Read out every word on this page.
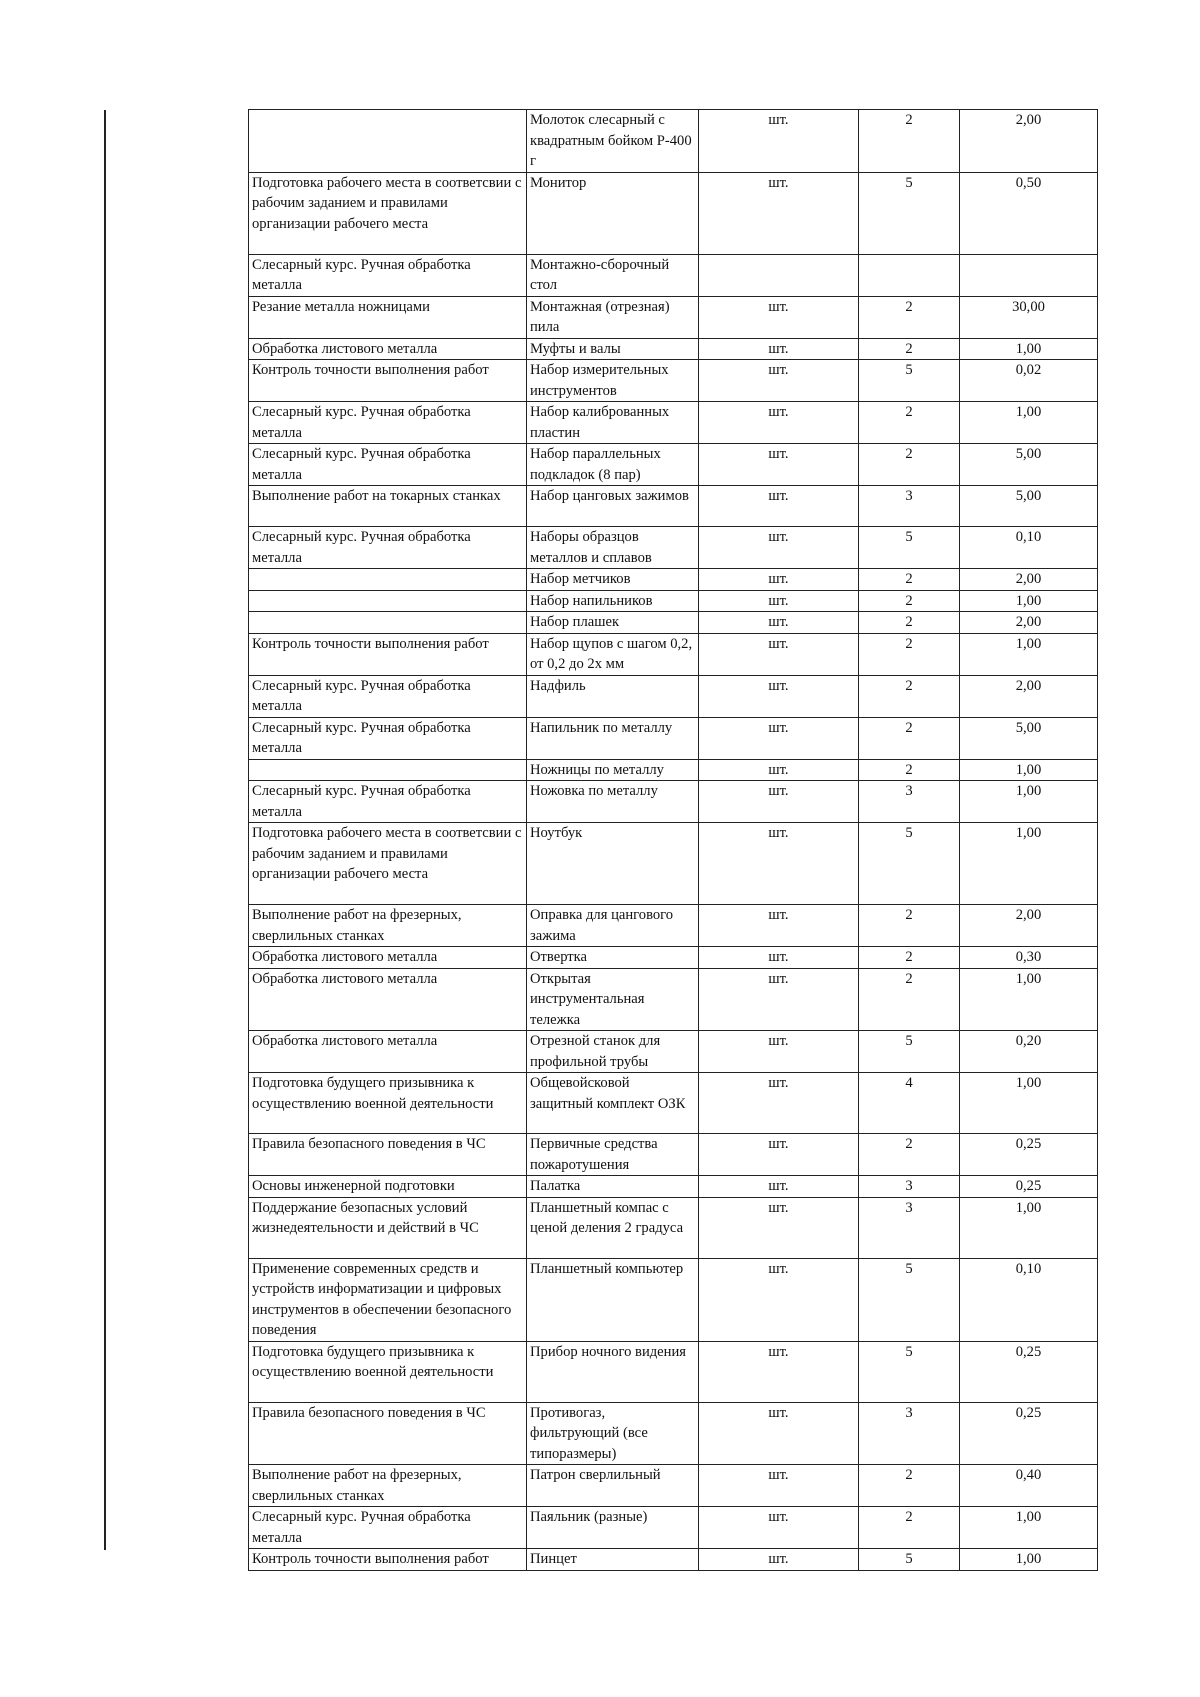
	Молоток слесарный с квадратным бойком Р-400 г	шт.	2	2,00
Подготовка рабочего места в соответсвии с рабочим заданием и правилами организации рабочего места	Монитор	шт.	5	0,50
Слесарный курс. Ручная обработка металла	Монтажно-сборочный стол			
Резание металла ножницами	Монтажная (отрезная) пила	шт.	2	30,00
Обработка листового металла	Муфты и валы	шт.	2	1,00
Контроль точности выполнения работ	Набор измерительных инструментов	шт.	5	0,02
Слесарный курс. Ручная обработка металла	Набор калиброванных пластин	шт.	2	1,00
Слесарный курс. Ручная обработка металла	Набор параллельных подкладок (8 пар)	шт.	2	5,00
Выполнение работ на токарных станках	Набор цанговых зажимов	шт.	3	5,00
Слесарный курс. Ручная обработка металла	Наборы образцов металлов и сплавов	шт.	5	0,10
	Набор метчиков	шт.	2	2,00
	Набор напильников	шт.	2	1,00
	Набор плашек	шт.	2	2,00
Контроль точности выполнения работ	Набор щупов с шагом 0,2, от 0,2 до 2х мм	шт.	2	1,00
Слесарный курс. Ручная обработка металла	Надфиль	шт.	2	2,00
Слесарный курс. Ручная обработка металла	Напильник по металлу	шт.	2	5,00
	Ножницы по металлу	шт.	2	1,00
Слесарный курс. Ручная обработка металла	Ножовка по металлу	шт.	3	1,00
Подготовка рабочего места в соответсвии с рабочим заданием и правилами организации рабочего места	Ноутбук	шт.	5	1,00
Выполнение работ на фрезерных, сверлильных станках	Оправка для цангового зажима	шт.	2	2,00
Обработка листового металла	Отвертка	шт.	2	0,30
Обработка листового металла	Открытая инструментальная тележка	шт.	2	1,00
Обработка листового металла	Отрезной станок для профильной трубы	шт.	5	0,20
Подготовка будущего призывника к осуществлению военной деятельности	Общевойсковой защитный комплект ОЗК	шт.	4	1,00
Правила безопасного поведения в ЧС	Первичные средства пожаротушения	шт.	2	0,25
Основы инженерной подготовки	Палатка	шт.	3	0,25
Поддержание безопасных условий жизнедеятельности и действий в ЧС	Планшетный компас с ценой деления 2 градуса	шт.	3	1,00
Применение современных средств и устройств информатизации и цифровых инструментов в обеспечении безопасного поведения	Планшетный компьютер	шт.	5	0,10
Подготовка будущего призывника к осуществлению военной деятельности	Прибор ночного видения	шт.	5	0,25
Правила безопасного поведения в ЧС	Противогаз, фильтрующий (все типоразмеры)	шт.	3	0,25
Выполнение работ на фрезерных, сверлильных станках	Патрон сверлильный	шт.	2	0,40
Слесарный курс. Ручная обработка металла	Паяльник (разные)	шт.	2	1,00
Контроль точности выполнения работ	Пинцет	шт.	5	1,00
